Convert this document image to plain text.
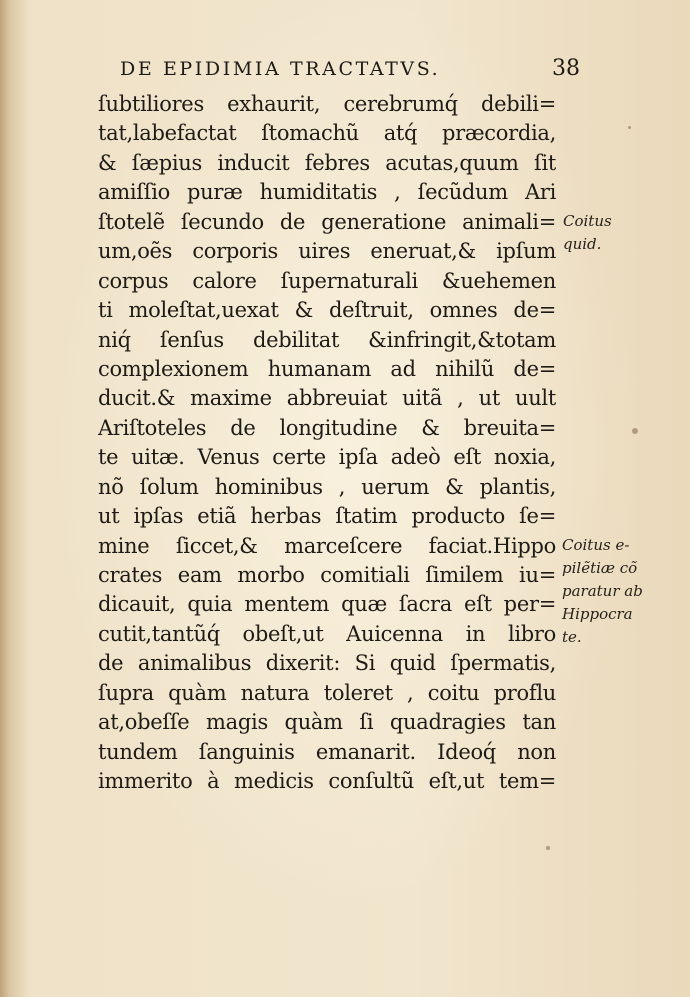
DE EPIDIMIA TRACTATVS.	38
ſubtiliores exhaurit, cerebrumq́ debili=
tat,labefactat ſtomachũ atq́ præcordia,
& ſæpius inducit febres acutas,quum ſit
amiſſio puræ humiditatis , ſecũdum Ari
ſtotelẽ ſecundo de generatione animali=
um,oẽs corporis uires eneruat,& ipſum
corpus calore ſupernaturali &uehemen
ti moleſtat,uexat & deſtruit, omnes de=
niq́ ſenſus debilitat &infringit,&totam
complexionem humanam ad nihilũ de=
ducit.& maxime abbreuiat uitã , ut uult
Ariſtoteles de longitudine & breuita=
te uitæ. Venus certe ipſa adeò eſt noxia,
nõ ſolum hominibus , uerum & plantis,
ut ipſas etiã herbas ſtatim producto ſe=
mine ſiccet,& marceſcere faciat.Hippo
crates eam morbo comitiali ſimilem iu=
dicauit, quia mentem quæ ſacra eſt per=
cutit,tantũq́ obeſt,ut Auicenna in libro
de animalibus dixerit: Si quid ſpermatis,
ſupra quàm natura toleret , coitu proflu
at,obeſſe magis quàm ſi quadragies tan
tundem ſanguinis emanarit. Ideoq́ non
immerito à medicis conſultũ eſt,ut tem=
Coitus
quid.
Coitus e-
pilẽtiæ cõ
paratur ab
Hippocra
te.
